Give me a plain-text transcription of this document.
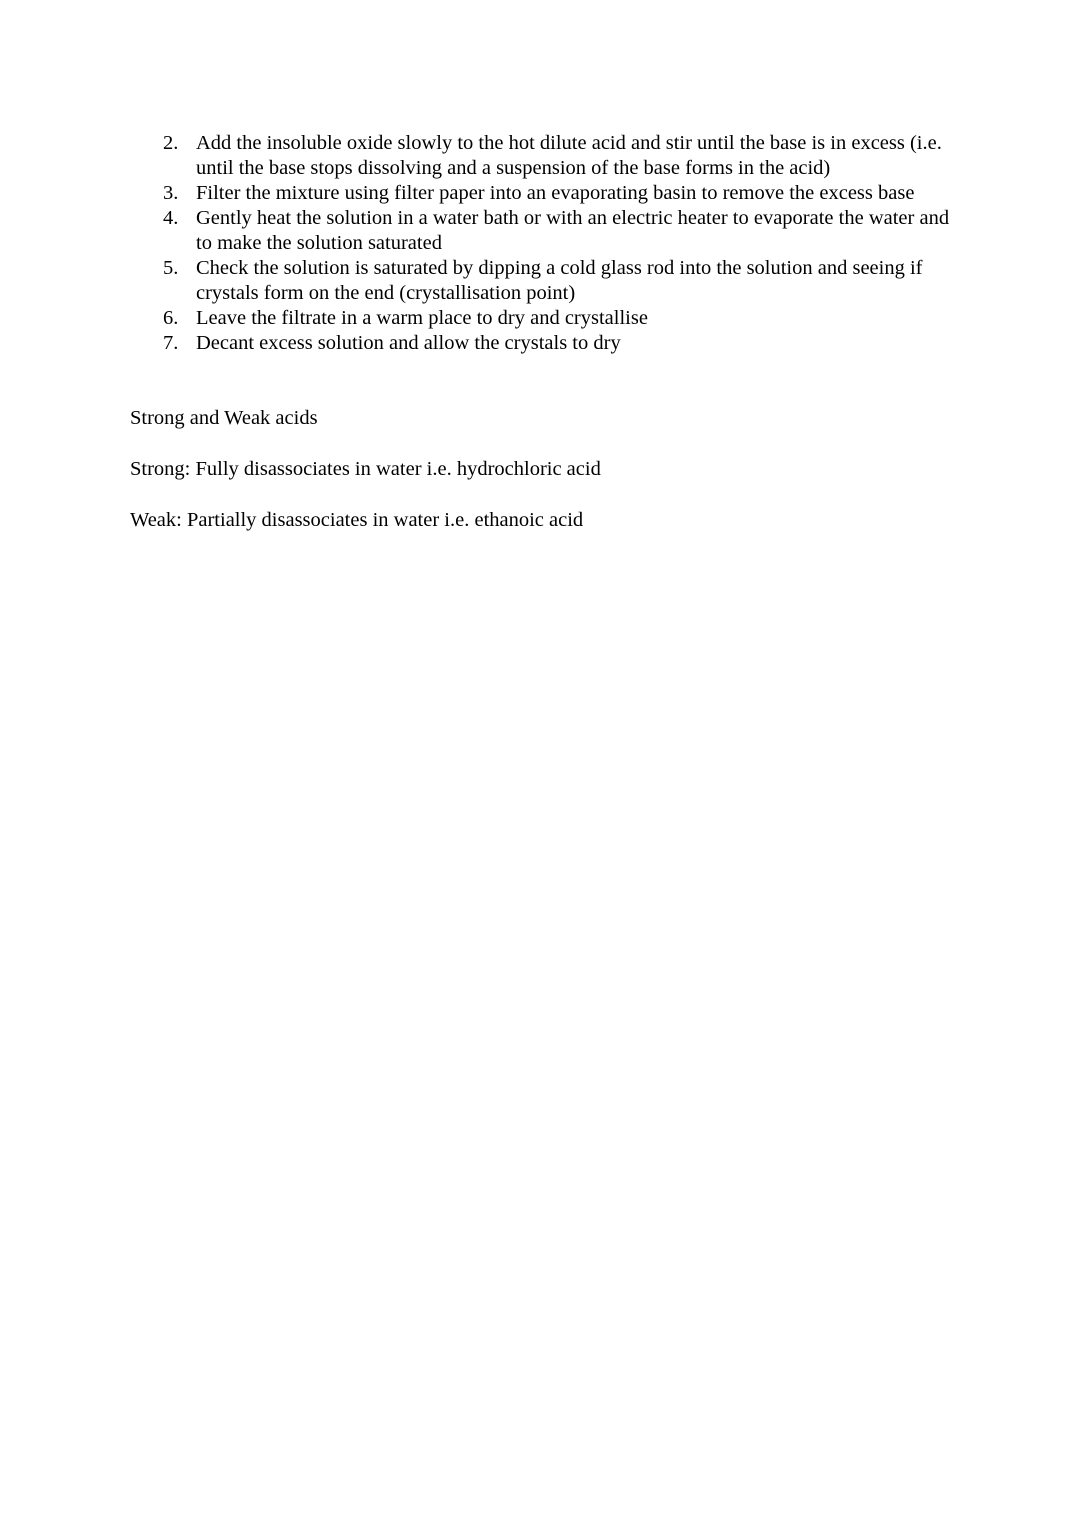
2. Add the insoluble oxide slowly to the hot dilute acid and stir until the base is in excess (i.e. until the base stops dissolving and a suspension of the base forms in the acid)
3. Filter the mixture using filter paper into an evaporating basin to remove the excess base
4. Gently heat the solution in a water bath or with an electric heater to evaporate the water and to make the solution saturated
5. Check the solution is saturated by dipping a cold glass rod into the solution and seeing if crystals form on the end (crystallisation point)
6. Leave the filtrate in a warm place to dry and crystallise
7. Decant excess solution and allow the crystals to dry

Strong and Weak acids

Strong: Fully disassociates in water i.e. hydrochloric acid

Weak: Partially disassociates in water i.e. ethanoic acid
